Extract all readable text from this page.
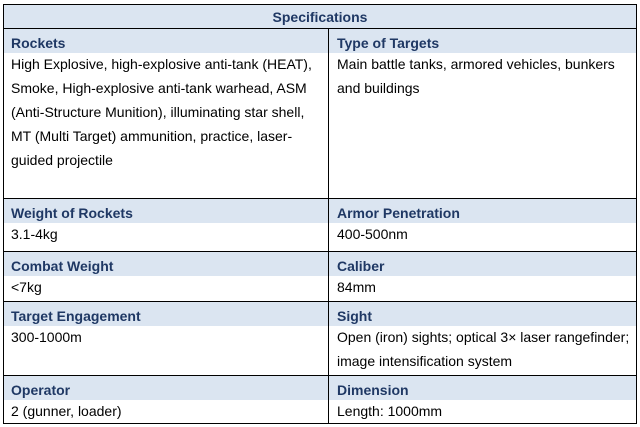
Specifications
Rockets
High Explosive, high-explosive anti-tank (HEAT), Smoke, High-explosive anti-tank warhead, ASM (Anti-Structure Munition), illuminating star shell, MT (Multi Target) ammunition, practice, laser-guided projectile
Type of Targets
Main battle tanks, armored vehicles, bunkers and buildings
Weight of Rockets
3.1-4kg
Armor Penetration
400-500nm
Combat Weight
<7kg
Caliber
84mm
Target Engagement
300-1000m
Sight
Open (iron) sights; optical 3× laser rangefinder; image intensification system
Operator
2 (gunner, loader)
Dimension
Length: 1000mm
